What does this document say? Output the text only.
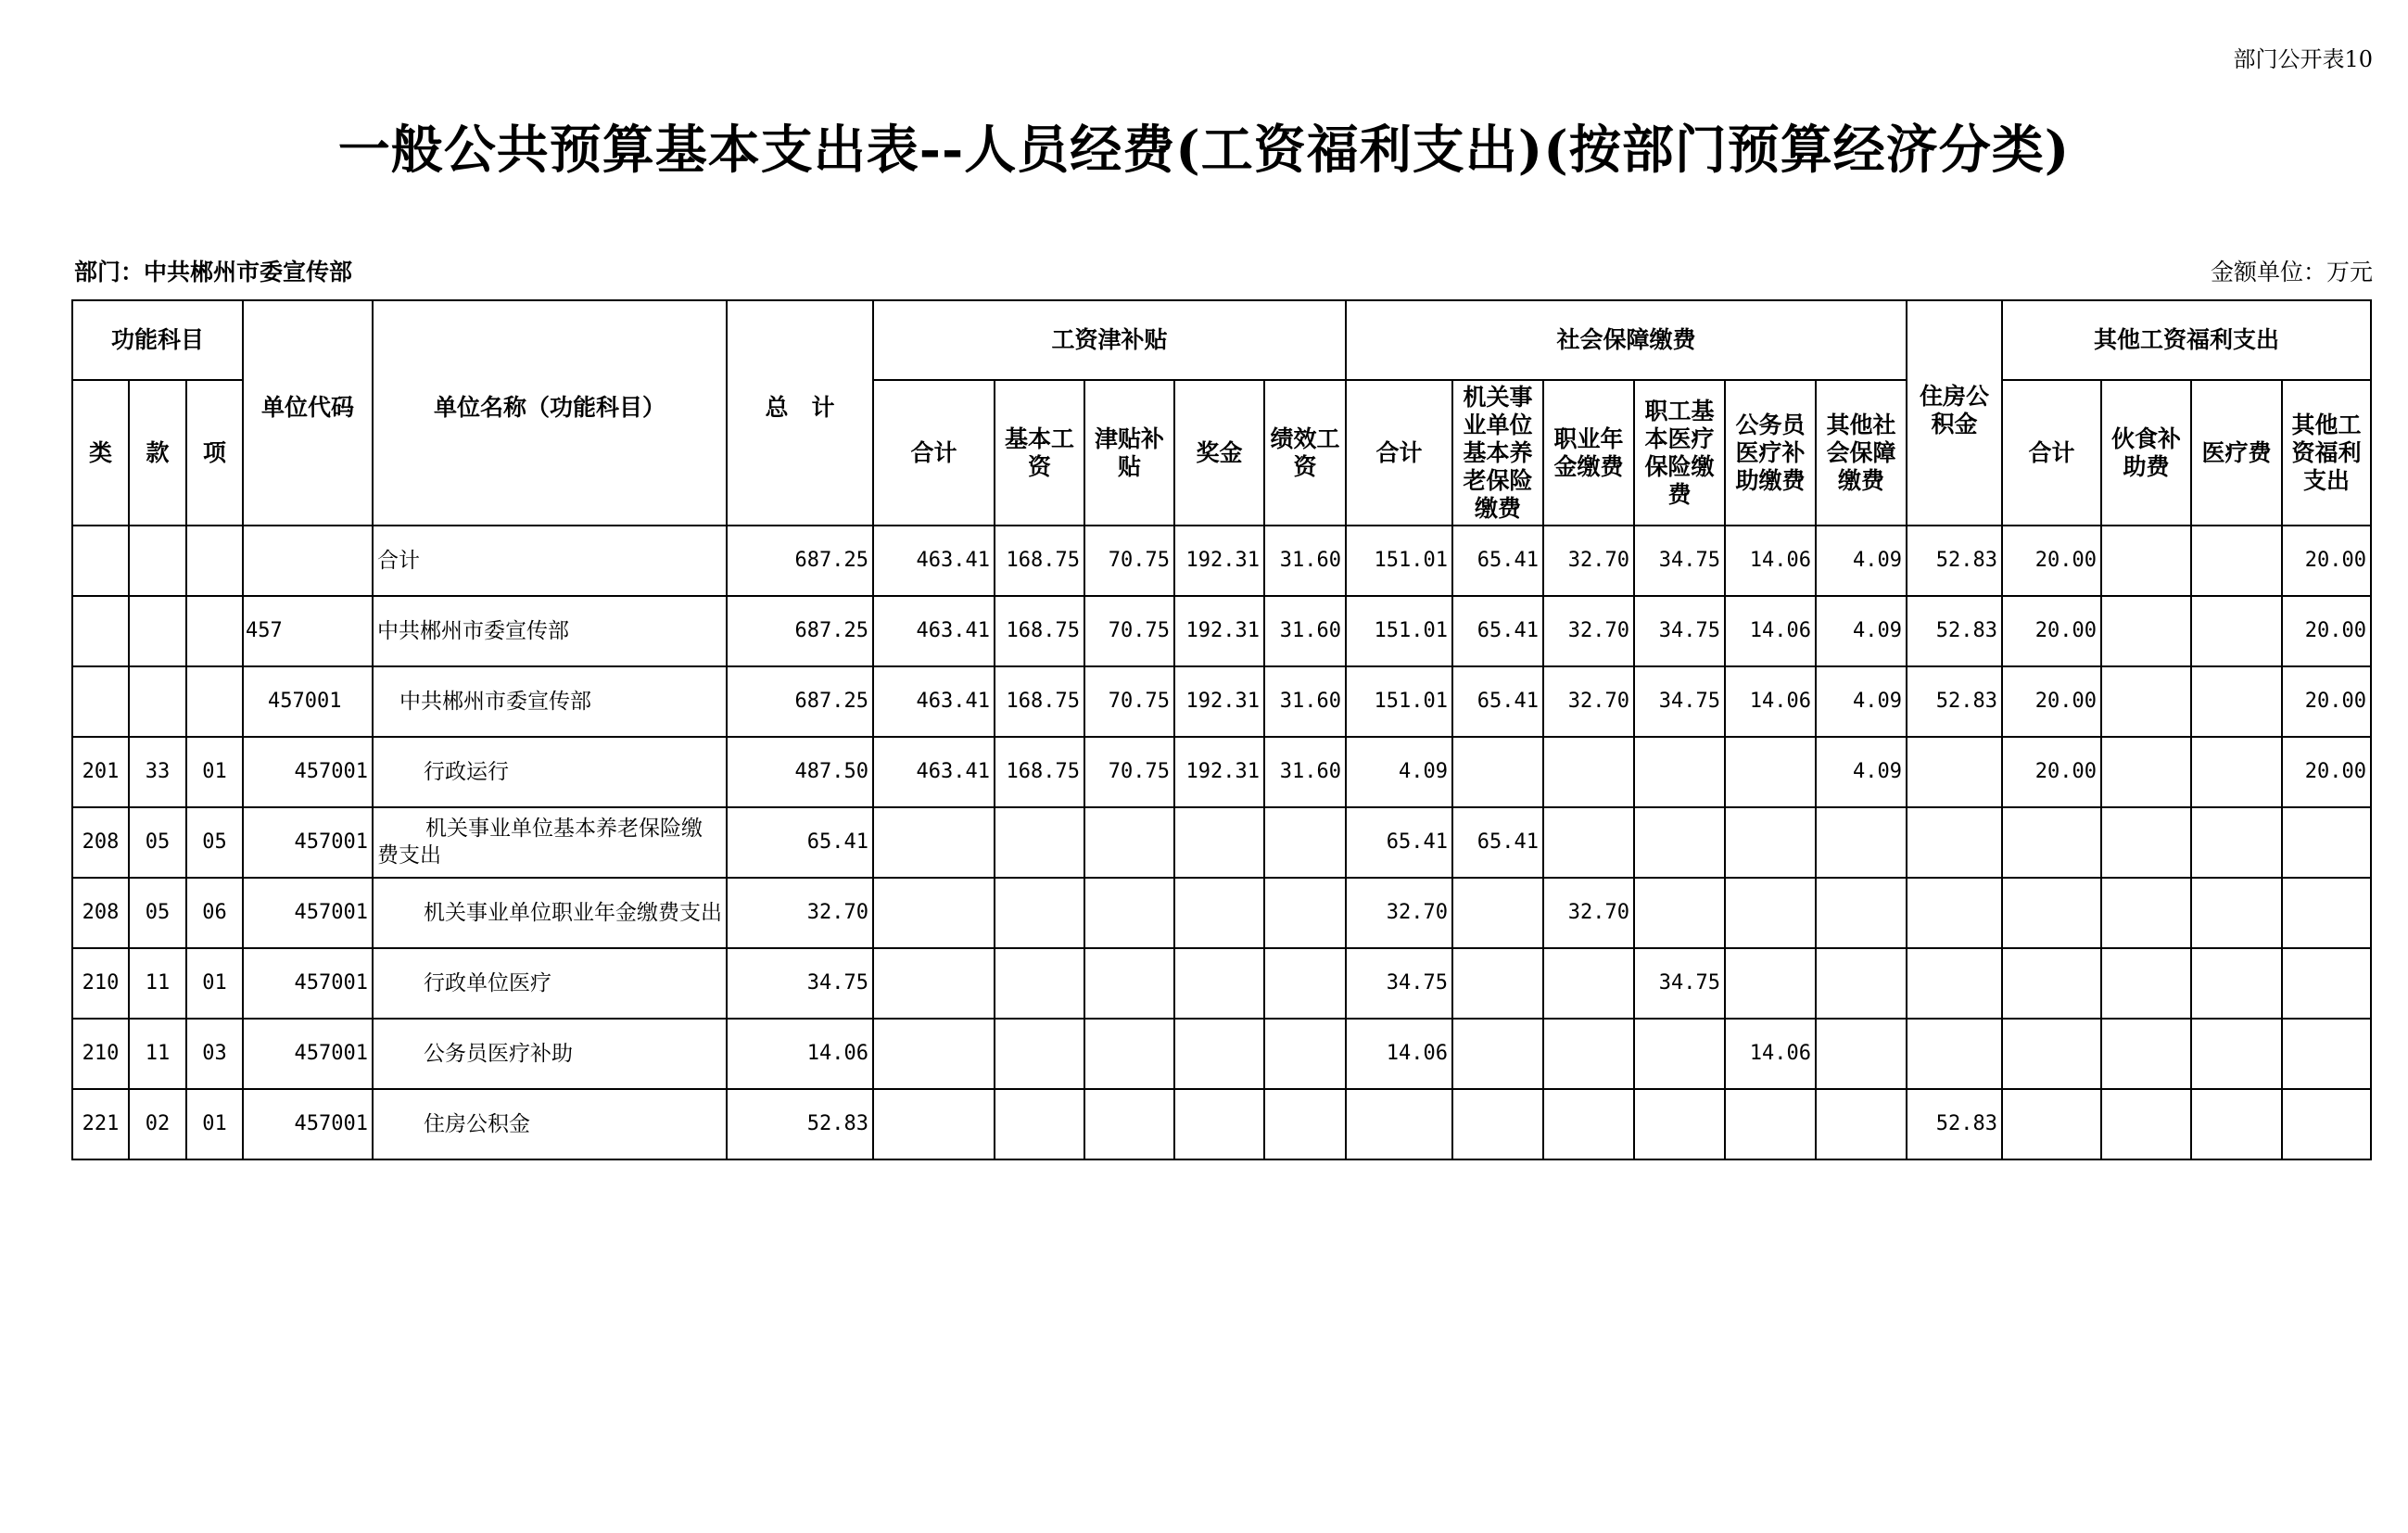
部门公开表10
一般公共预算基本支出表--人员经费(工资福利支出)(按部门预算经济分类)
部门：中共郴州市委宣传部	金额单位：万元
功能科目			单位代码	单位名称（功能科目）	总　计	工资津补贴					社会保障缴费						住房公积金	其他工资福利支出			
类	款	项				合计	基本工资	津贴补贴	奖金	绩效工资	合计	机关事业单位基本养老保险缴费	职业年金缴费	职工基本医疗保险缴费	公务员医疗补助缴费	其他社会保障缴费		合计	伙食补助费	医疗费	其他工资福利支出
				合计	687.25	463.41	168.75	70.75	192.31	31.60	151.01	65.41	32.70	34.75	14.06	4.09	52.83	20.00			20.00
			457	中共郴州市委宣传部	687.25	463.41	168.75	70.75	192.31	31.60	151.01	65.41	32.70	34.75	14.06	4.09	52.83	20.00			20.00
			457001	中共郴州市委宣传部	687.25	463.41	168.75	70.75	192.31	31.60	151.01	65.41	32.70	34.75	14.06	4.09	52.83	20.00			20.00
201	33	01	457001	行政运行	487.50	463.41	168.75	70.75	192.31	31.60	4.09					4.09		20.00			20.00
208	05	05	457001	机关事业单位基本养老保险缴费支出	65.41						65.41	65.41									
208	05	06	457001	机关事业单位职业年金缴费支出	32.70						32.70		32.70								
210	11	01	457001	行政单位医疗	34.75						34.75			34.75							
210	11	03	457001	公务员医疗补助	14.06						14.06				14.06						
221	02	01	457001	住房公积金	52.83												52.83				
